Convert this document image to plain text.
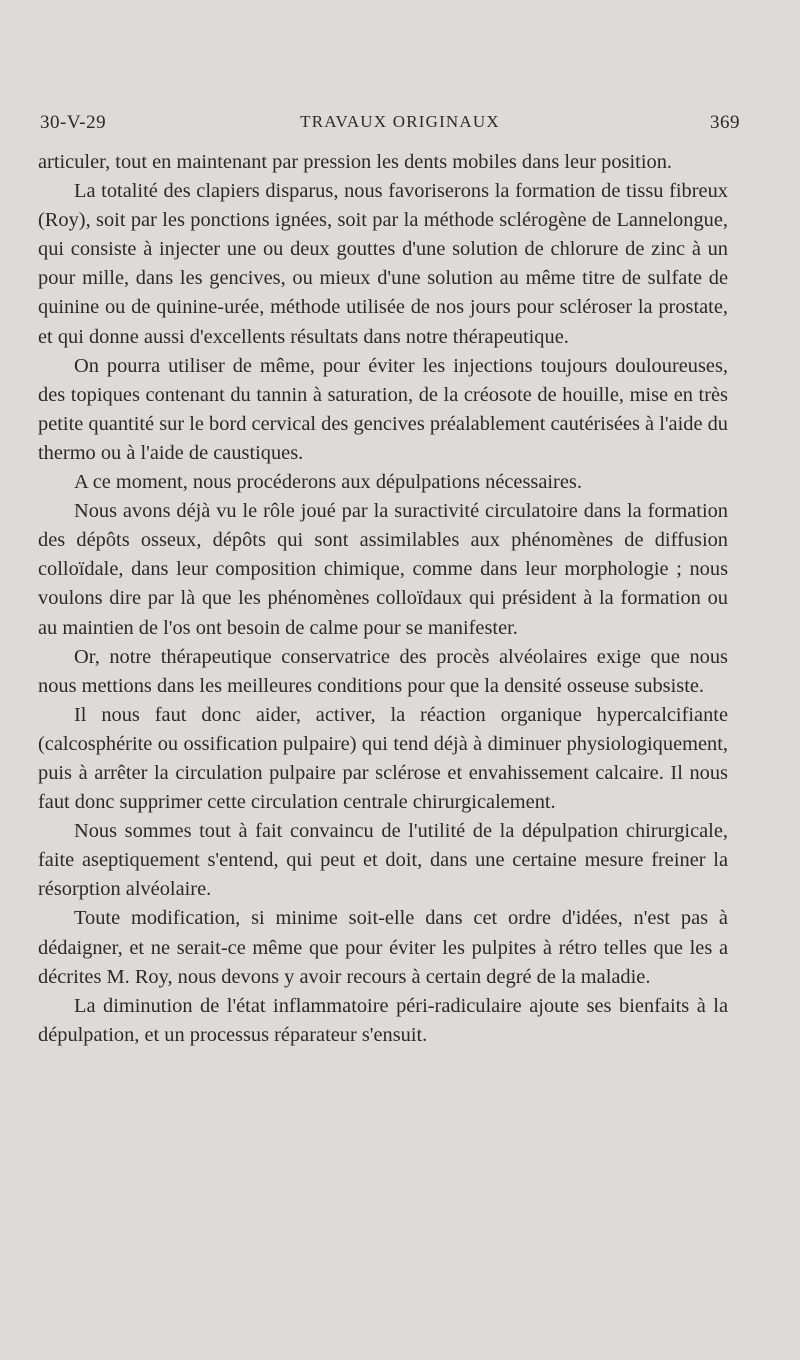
30-V-29	TRAVAUX ORIGINAUX	369

articuler, tout en maintenant par pression les dents mobiles dans leur position.

La totalité des clapiers disparus, nous favoriserons la formation de tissu fibreux (Roy), soit par les ponctions ignées, soit par la méthode sclérogène de Lannelongue, qui consiste à injecter une ou deux gouttes d'une solution de chlorure de zinc à un pour mille, dans les gencives, ou mieux d'une solution au même titre de sulfate de quinine ou de quinine-urée, méthode utilisée de nos jours pour scléroser la prostate, et qui donne aussi d'excellents résultats dans notre thérapeutique.

On pourra utiliser de même, pour éviter les injections toujours douloureuses, des topiques contenant du tannin à saturation, de la créosote de houille, mise en très petite quantité sur le bord cervical des gencives préalablement cautérisées à l'aide du thermo ou à l'aide de caustiques.

A ce moment, nous procéderons aux dépulpations nécessaires.

Nous avons déjà vu le rôle joué par la suractivité circulatoire dans la formation des dépôts osseux, dépôts qui sont assimilables aux phénomènes de diffusion colloïdale, dans leur composition chimique, comme dans leur morphologie ; nous voulons dire par là que les phénomènes colloïdaux qui président à la formation ou au maintien de l'os ont besoin de calme pour se manifester.

Or, notre thérapeutique conservatrice des procès alvéolaires exige que nous nous mettions dans les meilleures conditions pour que la densité osseuse subsiste.

Il nous faut donc aider, activer, la réaction organique hypercalcifiante (calcosphérite ou ossification pulpaire) qui tend déjà à diminuer physiologiquement, puis à arrêter la circulation pulpaire par sclérose et envahissement calcaire. Il nous faut donc supprimer cette circulation centrale chirurgicalement.

Nous sommes tout à fait convaincu de l'utilité de la dépulpation chirurgicale, faite aseptiquement s'entend, qui peut et doit, dans une certaine mesure freiner la résorption alvéolaire.

Toute modification, si minime soit-elle dans cet ordre d'idées, n'est pas à dédaigner, et ne serait-ce même que pour éviter les pulpites à rétro telles que les a décrites M. Roy, nous devons y avoir recours à certain degré de la maladie.

La diminution de l'état inflammatoire péri-radiculaire ajoute ses bienfaits à la dépulpation, et un processus réparateur s'ensuit.
